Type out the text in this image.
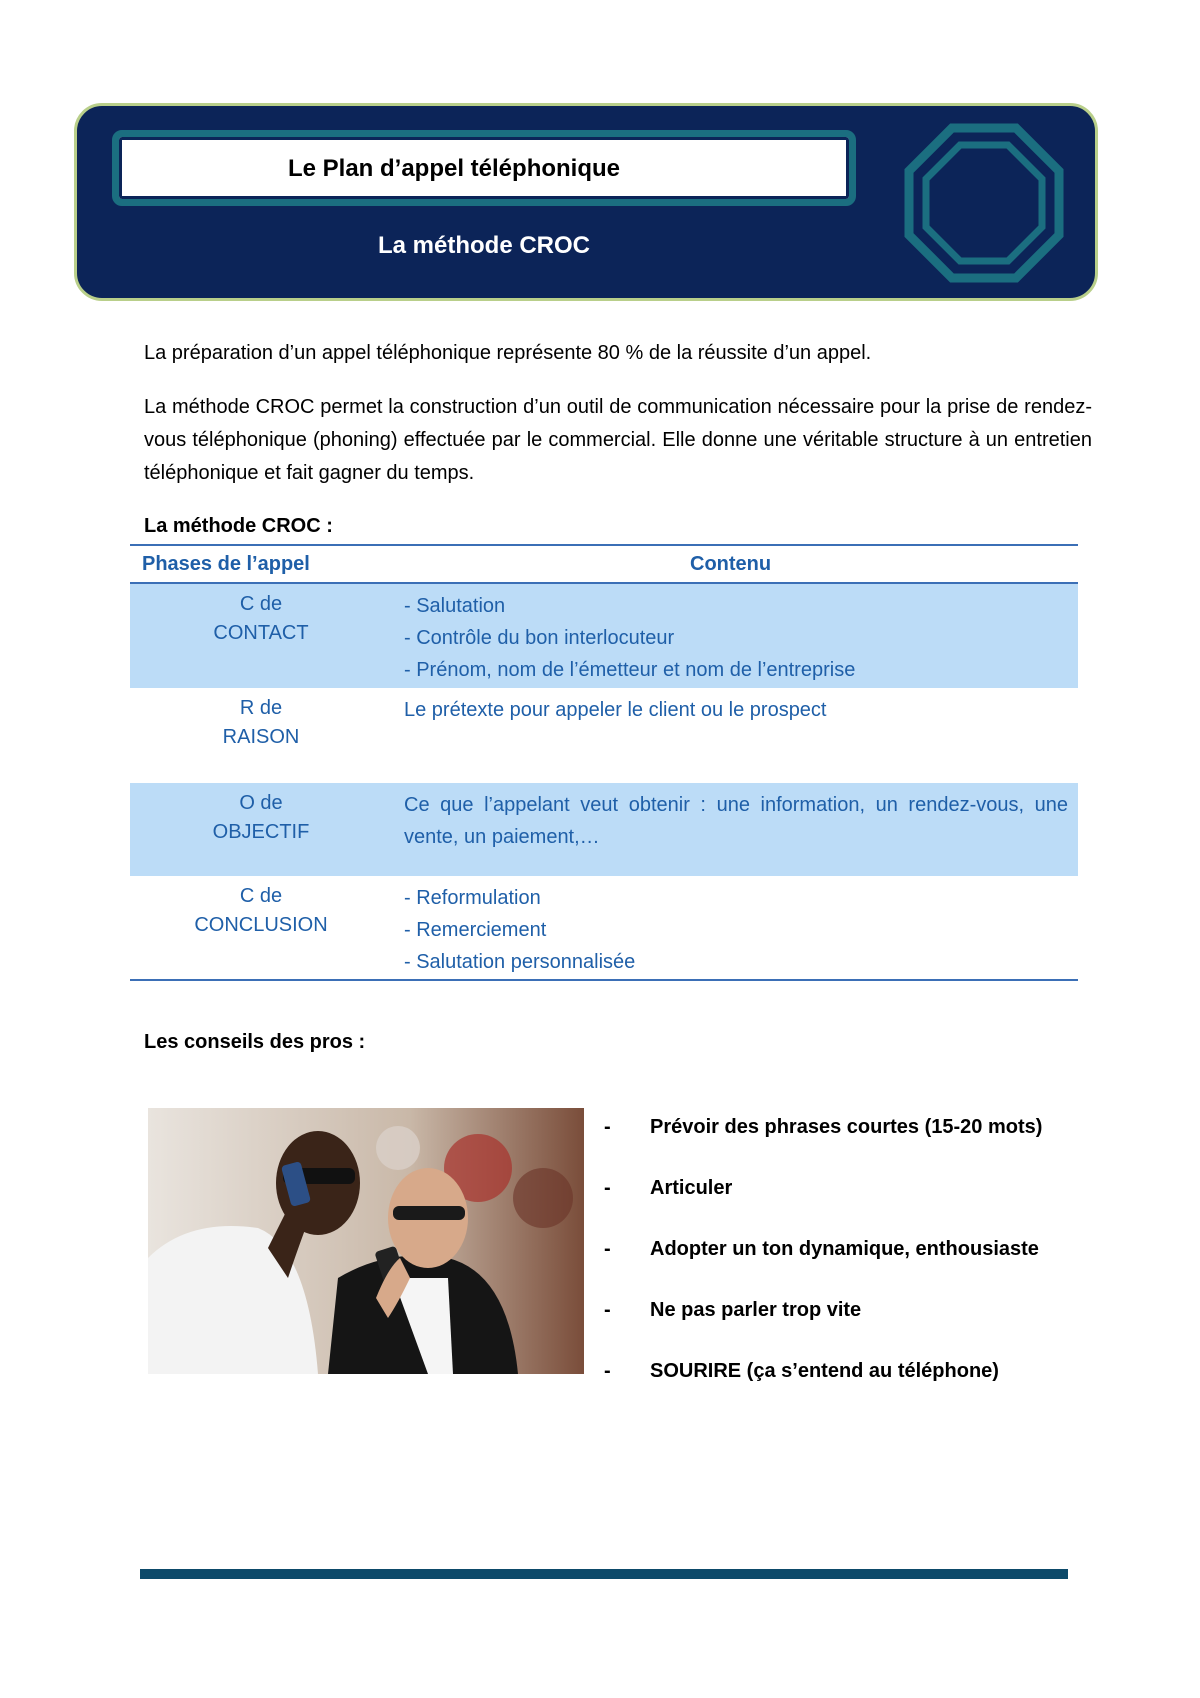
Le Plan d’appel téléphonique
La méthode CROC
La préparation d’un appel téléphonique représente 80 % de la réussite d’un appel.
La méthode CROC permet la construction d’un outil de communication nécessaire pour la prise de rendez-vous téléphonique (phoning) effectuée par le commercial. Elle donne une véritable structure à un entretien téléphonique et fait gagner du temps.
La méthode CROC :
Phases de l’appel	Contenu
C de
CONTACT
- Salutation
- Contrôle du bon interlocuteur
- Prénom, nom de l’émetteur et nom de l’entreprise
R de
RAISON
Le prétexte pour appeler le client ou le prospect
O de
OBJECTIF
Ce que l’appelant veut obtenir : une information, un rendez-vous, une vente, un paiement,…
C de
CONCLUSION
- Reformulation
- Remerciement
- Salutation personnalisée
Les conseils des pros :
- Prévoir des phrases courtes (15-20 mots)
- Articuler
- Adopter un ton dynamique, enthousiaste
- Ne pas parler trop vite
- SOURIRE (ça s’entend au téléphone)
